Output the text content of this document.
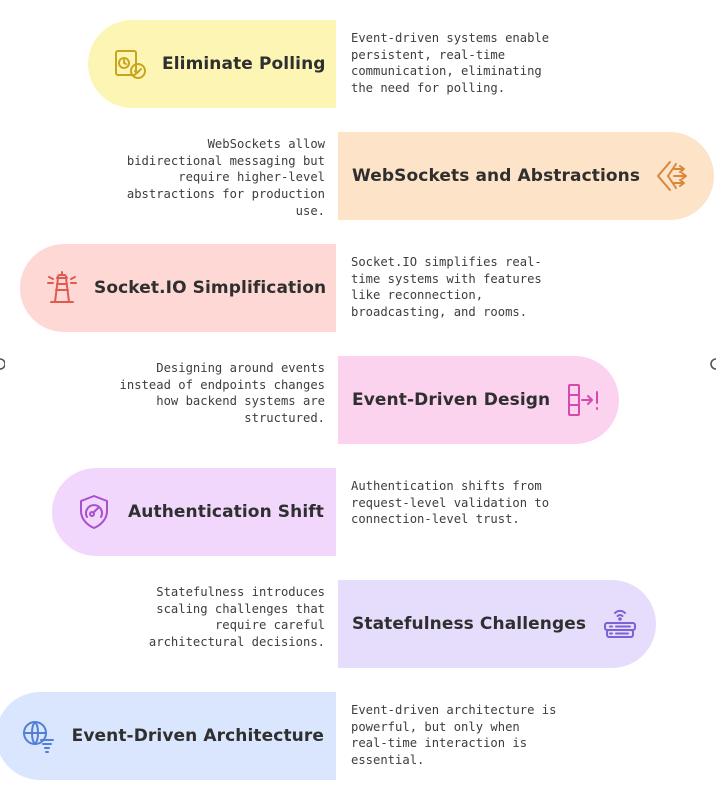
Eliminate Polling

Event-driven systems enable persistent, real-time communication, eliminating the need for polling.

WebSockets allow bidirectional messaging but require higher-level abstractions for production use.

WebSockets and Abstractions
Socket.IO Simplification

Socket.IO simplifies real-time systems with features like reconnection, broadcasting, and rooms.

Designing around events instead of endpoints changes how backend systems are structured.

Event-Driven Design
Authentication Shift

Authentication shifts from request-level validation to connection-level trust.

Statefulness introduces scaling challenges that require careful architectural decisions.

Statefulness Challenges
Event-Driven Architecture

Event-driven architecture is powerful, but only when real-time interaction is essential.
